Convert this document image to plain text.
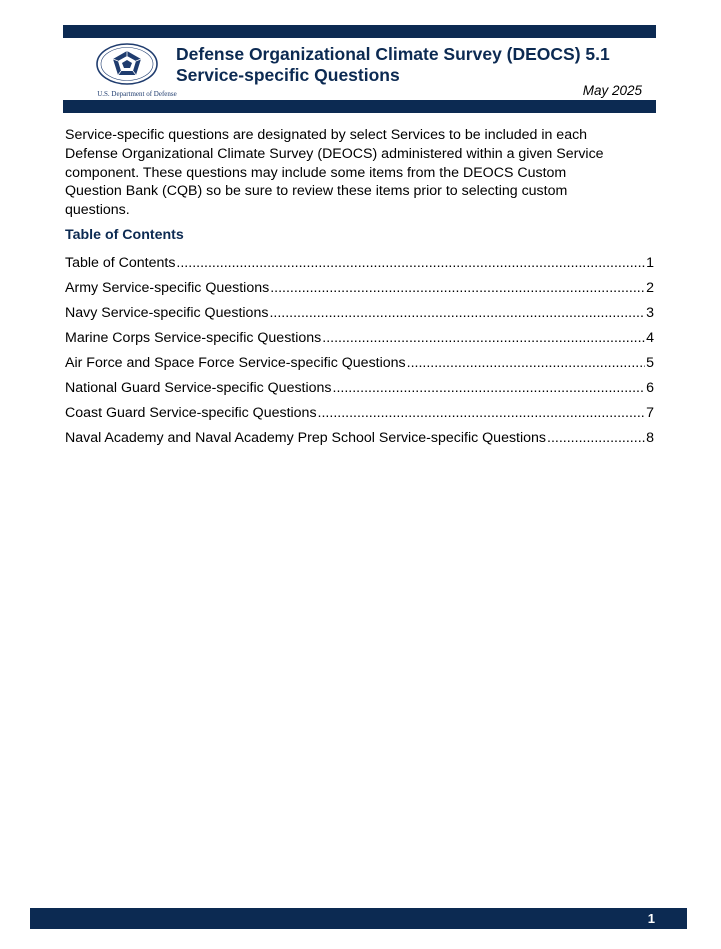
U.S. Department of Defense
Defense Organizational Climate Survey (DEOCS) 5.1
Service-specific Questions
May 2025

Service-specific questions are designated by select Services to be included in each
Defense Organizational Climate Survey (DEOCS) administered within a given Service
component. These questions may include some items from the DEOCS Custom
Question Bank (CQB) so be sure to review these items prior to selecting custom
questions.

Table of Contents
Table of Contents .....	1
Army Service-specific Questions .....	2
Navy Service-specific Questions .....	3
Marine Corps Service-specific Questions .....	4
Air Force and Space Force Service-specific Questions .....	5
National Guard Service-specific Questions .....	6
Coast Guard Service-specific Questions .....	7
Naval Academy and Naval Academy Prep School Service-specific Questions .....	8
1
